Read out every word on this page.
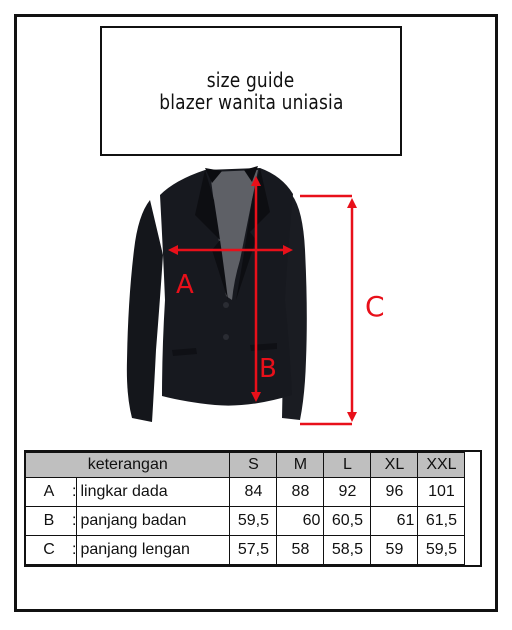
size guide
blazer wanita uniasia
A
B
C
keterangan			S	M	L	XL	XXL
A	:	lingkar dada	84	88	92	96	101
B	:	panjang badan	59,5	60	60,5	61	61,5
C	:	panjang lengan	57,5	58	58,5	59	59,5
